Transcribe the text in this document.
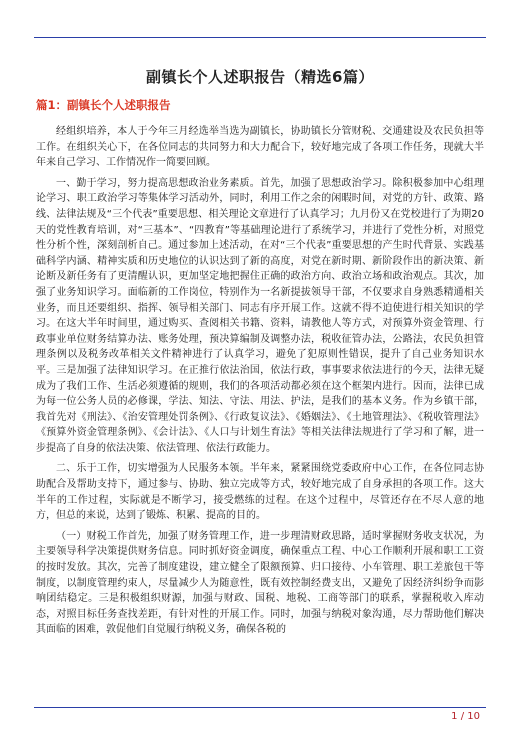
副镇长个人述职报告（精选6篇）
篇1：副镇长个人述职报告

经组织培养，本人于今年三月经选举当选为副镇长，协助镇长分管财税、交通建设及农民负担等工作。在组织关心下，在各位同志的共同努力和大力配合下，较好地完成了各项工作任务，现就大半年来自己学习、工作情况作一简要回顾。

一、勤于学习，努力提高思想政治业务素质。首先，加强了思想政治学习。除积极参加中心组理论学习、职工政治学习等集体学习活动外，同时，利用工作之余的闲暇时间，对党的方针、政策、路线、法律法规及“三个代表”重要思想、相关理论文章进行了认真学习；九月份又在党校进行了为期20天的党性教育培训，对“三基本”、“四教育”等基础理论进行了系统学习，并进行了党性分析，对照党性分析个性，深刻剖析自己。通过参加上述活动，在对“三个代表”重要思想的产生时代背景、实践基础科学内涵、精神实质和历史地位的认识达到了新的高度，对党在新时期、新阶段作出的新决策、新论断及新任务有了更清醒认识，更加坚定地把握住正确的政治方向、政治立场和政治观点。其次，加强了业务知识学习。面临新的工作岗位，特别作为一名新提拔领导干部，不仅要求自身熟悉精通相关业务，而且还要组织、指挥、领导相关部门、同志有序开展工作。这就不得不迫使进行相关知识的学习。在这大半年时间里，通过购买、查阅相关书籍、资料，请教他人等方式，对预算外资金管理、行政事业单位财务结算办法、账务处理，预决算编制及调整办法，税收征管办法，公路法，农民负担管理条例以及税务改革相关文件精神进行了认真学习，避免了犯原则性错误，提升了自己业务知识水平。三是加强了法律知识学习。在正推行依法治国，依法行政，事事要求依法进行的今天，法律无疑成为了我们工作、生活必须遵循的规则，我们的各项活动都必须在这个框架内进行。因而，法律已成为每一位公务人员的必修课，学法、知法、守法、用法、护法，是我们的基本义务。作为乡镇干部，我首先对《刑法》、《治安管理处罚条例》、《行政复议法》、《婚姻法》、《土地管理法》、《税收管理法》《预算外资金管理条例》、《会计法》、《人口与计划生育法》等相关法律法规进行了学习和了解，进一步提高了自身的依法决策、依法管理、依法行政能力。

二、乐于工作，切实增强为人民服务本领。半年来，紧紧围绕党委政府中心工作，在各位同志协助配合及帮助支持下，通过参与、协助、独立完成等方式，较好地完成了自身承担的各项工作。这大半年的工作过程，实际就是不断学习，接受燃练的过程。在这个过程中，尽管还存在不尽人意的地方，但总的来说，达到了锻炼、积累、提高的目的。

（一）财税工作首先，加强了财务管理工作，进一步理清财政思路，适时掌握财务收支状况，为主要领导科学决策提供财务信息。同时抓好资金调度，确保重点工程、中心工作顺利开展和职工工资的按时发放。其次，完善了制度建设，建立健全了限额预算、归口接待、小车管理、职工差旅包干等制度，以制度管理约束人，尽量减少人为随意性，既有效控制经费支出，又避免了因经济纠纷争而影响团结稳定。三是积极组织财源，加强与财政、国税、地税、工商等部门的联系，掌握税收入库动态，对照目标任务查找差距，有针对性的开展工作。同时，加强与纳税对象沟通，尽力帮助他们解决其面临的困难，敦促他们自觉履行纳税义务，确保各税的

1 / 10
